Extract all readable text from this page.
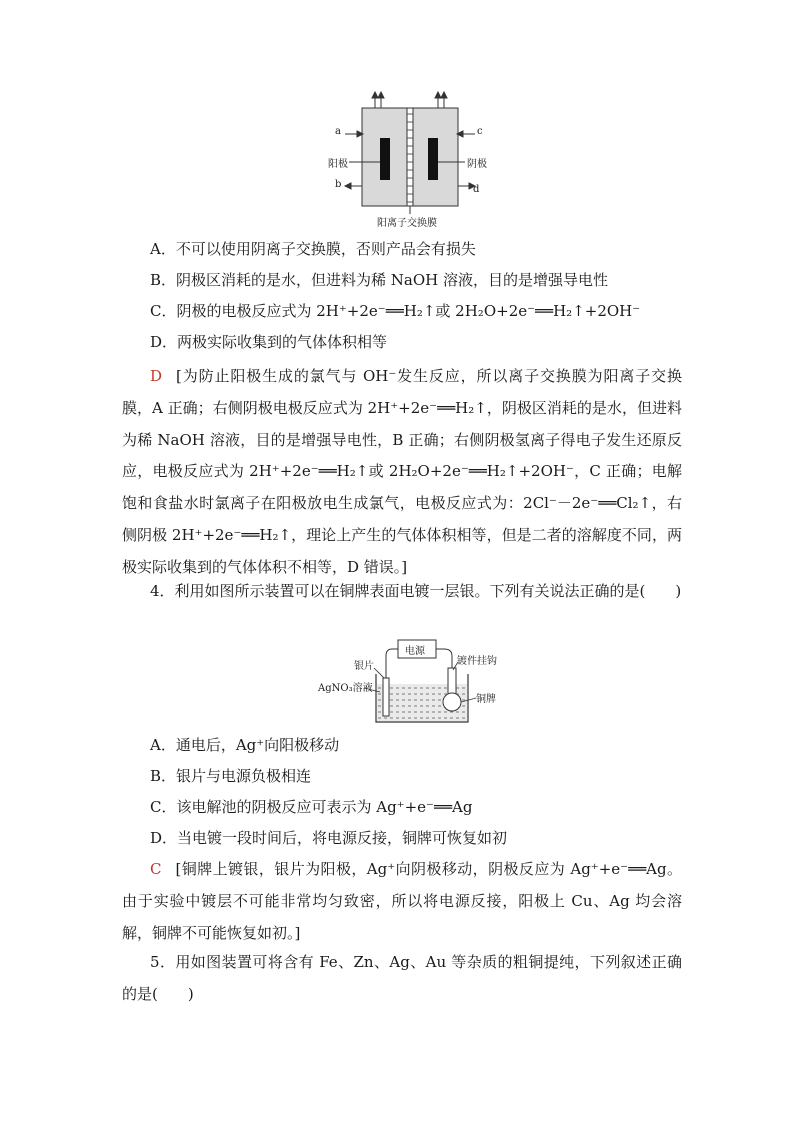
a
b
c
d
阳极	阴极
阳离子交换膜
A．不可以使用阴离子交换膜，否则产品会有损失
B．阴极区消耗的是水，但进料为稀 NaOH 溶液，目的是增强导电性
C．阴极的电极反应式为 2H⁺+2e⁻══H₂↑或 2H₂O+2e⁻══H₂↑+2OH⁻
D．两极实际收集到的气体体积相等
D [为防止阳极生成的氯气与 OH⁻发生反应，所以离子交换膜为阳离子交换膜，A 正确；右侧阴极电极反应式为 2H⁺+2e⁻══H₂↑，阴极区消耗的是水，但进料为稀 NaOH 溶液，目的是增强导电性，B 正确；右侧阴极氢离子得电子发生还原反应，电极反应式为 2H⁺+2e⁻══H₂↑或 2H₂O+2e⁻══H₂↑+2OH⁻，C 正确；电解饱和食盐水时氯离子在阳极放电生成氯气，电极反应式为：2Cl⁻－2e⁻══Cl₂↑，右侧阴极 2H⁺+2e⁻══H₂↑，理论上产生的气体体积相等，但是二者的溶解度不同，两极实际收集到的气体体积不相等，D 错误。]
4．利用如图所示装置可以在铜牌表面电镀一层银。下列有关说法正确的是(　　)
电源
银片
AgNO₃溶液
镀件挂钩
铜牌
A．通电后，Ag⁺向阳极移动
B．银片与电源负极相连
C．该电解池的阴极反应可表示为 Ag⁺+e⁻══Ag
D．当电镀一段时间后，将电源反接，铜牌可恢复如初
C [铜牌上镀银，银片为阳极，Ag⁺向阴极移动，阴极反应为 Ag⁺+e⁻══Ag。由于实验中镀层不可能非常均匀致密，所以将电源反接，阳极上 Cu、Ag 均会溶解，铜牌不可能恢复如初。]
5．用如图装置可将含有 Fe、Zn、Ag、Au 等杂质的粗铜提纯，下列叙述正确的是(　　)
